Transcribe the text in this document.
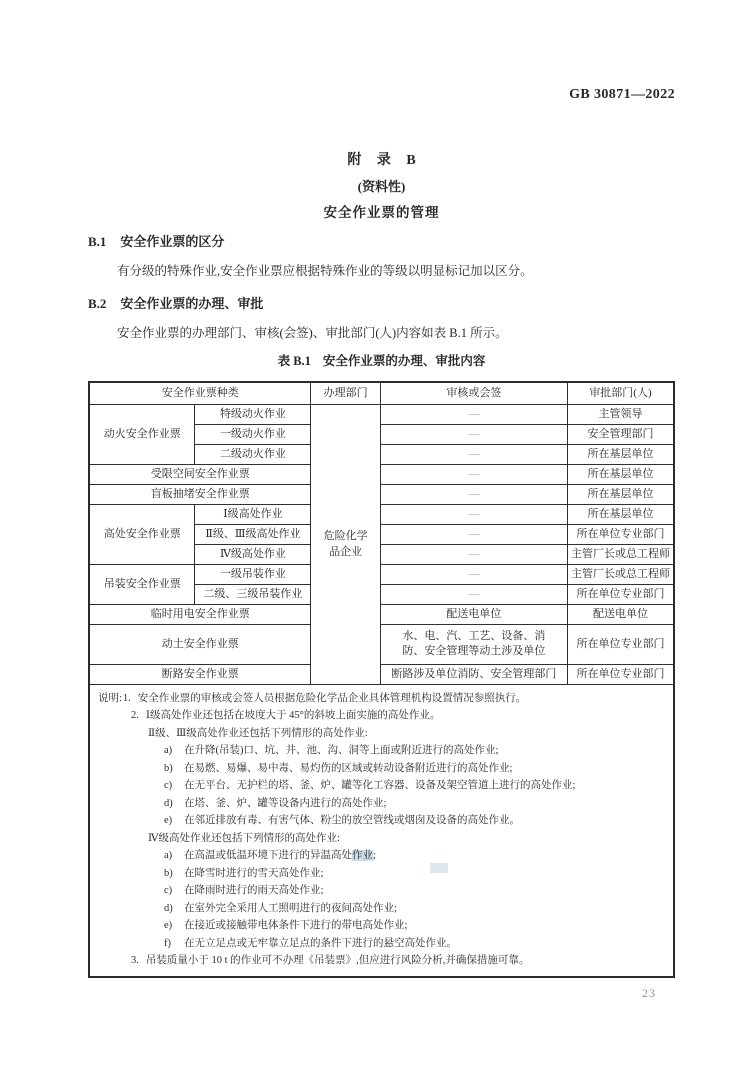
GB 30871—2022
附 录 B
(资料性)
安全作业票的管理
B.1 安全作业票的区分
有分级的特殊作业,安全作业票应根据特殊作业的等级以明显标记加以区分。
B.2 安全作业票的办理、审批
安全作业票的办理部门、审核(会签)、审批部门(人)内容如表 B.1 所示。
表 B.1 安全作业票的办理、审批内容
安全作业票种类		办理部门	审核或会签	审批部门(人)
动火安全作业票	特级动火作业	危险化学品企业	—	主管领导
	一级动火作业		—	安全管理部门
	二级动火作业		—	所在基层单位
受限空间安全作业票			—	所在基层单位
盲板抽堵安全作业票			—	所在基层单位
高处安全作业票	Ⅰ级高处作业		—	所在基层单位
	Ⅱ级、Ⅲ级高处作业		—	所在单位专业部门
	Ⅳ级高处作业		—	主管厂长或总工程师
吊装安全作业票	一级吊装作业		—	主管厂长或总工程师
	二级、三级吊装作业		—	所在单位专业部门
临时用电安全作业票			配送电单位	配送电单位
动土安全作业票			水、电、汽、工艺、设备、消防、安全管理等动土涉及单位	所在单位专业部门
断路安全作业票			断路涉及单位消防、安全管理部门	所在单位专业部门
说明:1. 安全作业票的审核或会签人员根据危险化学品企业具体管理机构设置情况参照执行。
2. Ⅰ级高处作业还包括在坡度大于 45°的斜坡上面实施的高处作业。
Ⅱ级、Ⅲ级高处作业还包括下列情形的高处作业:
a) 在升降(吊装)口、坑、井、池、沟、洞等上面或附近进行的高处作业;
b) 在易燃、易爆、易中毒、易灼伤的区域或转动设备附近进行的高处作业;
c) 在无平台、无护栏的塔、釜、炉、罐等化工容器、设备及架空管道上进行的高处作业;
d) 在塔、釜、炉、罐等设备内进行的高处作业;
e) 在邻近排放有毒、有害气体、粉尘的放空管线或烟囱及设备的高处作业。
Ⅳ级高处作业还包括下列情形的高处作业:
a) 在高温或低温环境下进行的异温高处作业;
b) 在降雪时进行的雪天高处作业;
c) 在降雨时进行的雨天高处作业;
d) 在室外完全采用人工照明进行的夜间高处作业;
e) 在接近或接触带电体条件下进行的带电高处作业;
f) 在无立足点或无牢靠立足点的条件下进行的悬空高处作业。
3. 吊装质量小于 10 t 的作业可不办理《吊装票》,但应进行风险分析,并确保措施可靠。
23
